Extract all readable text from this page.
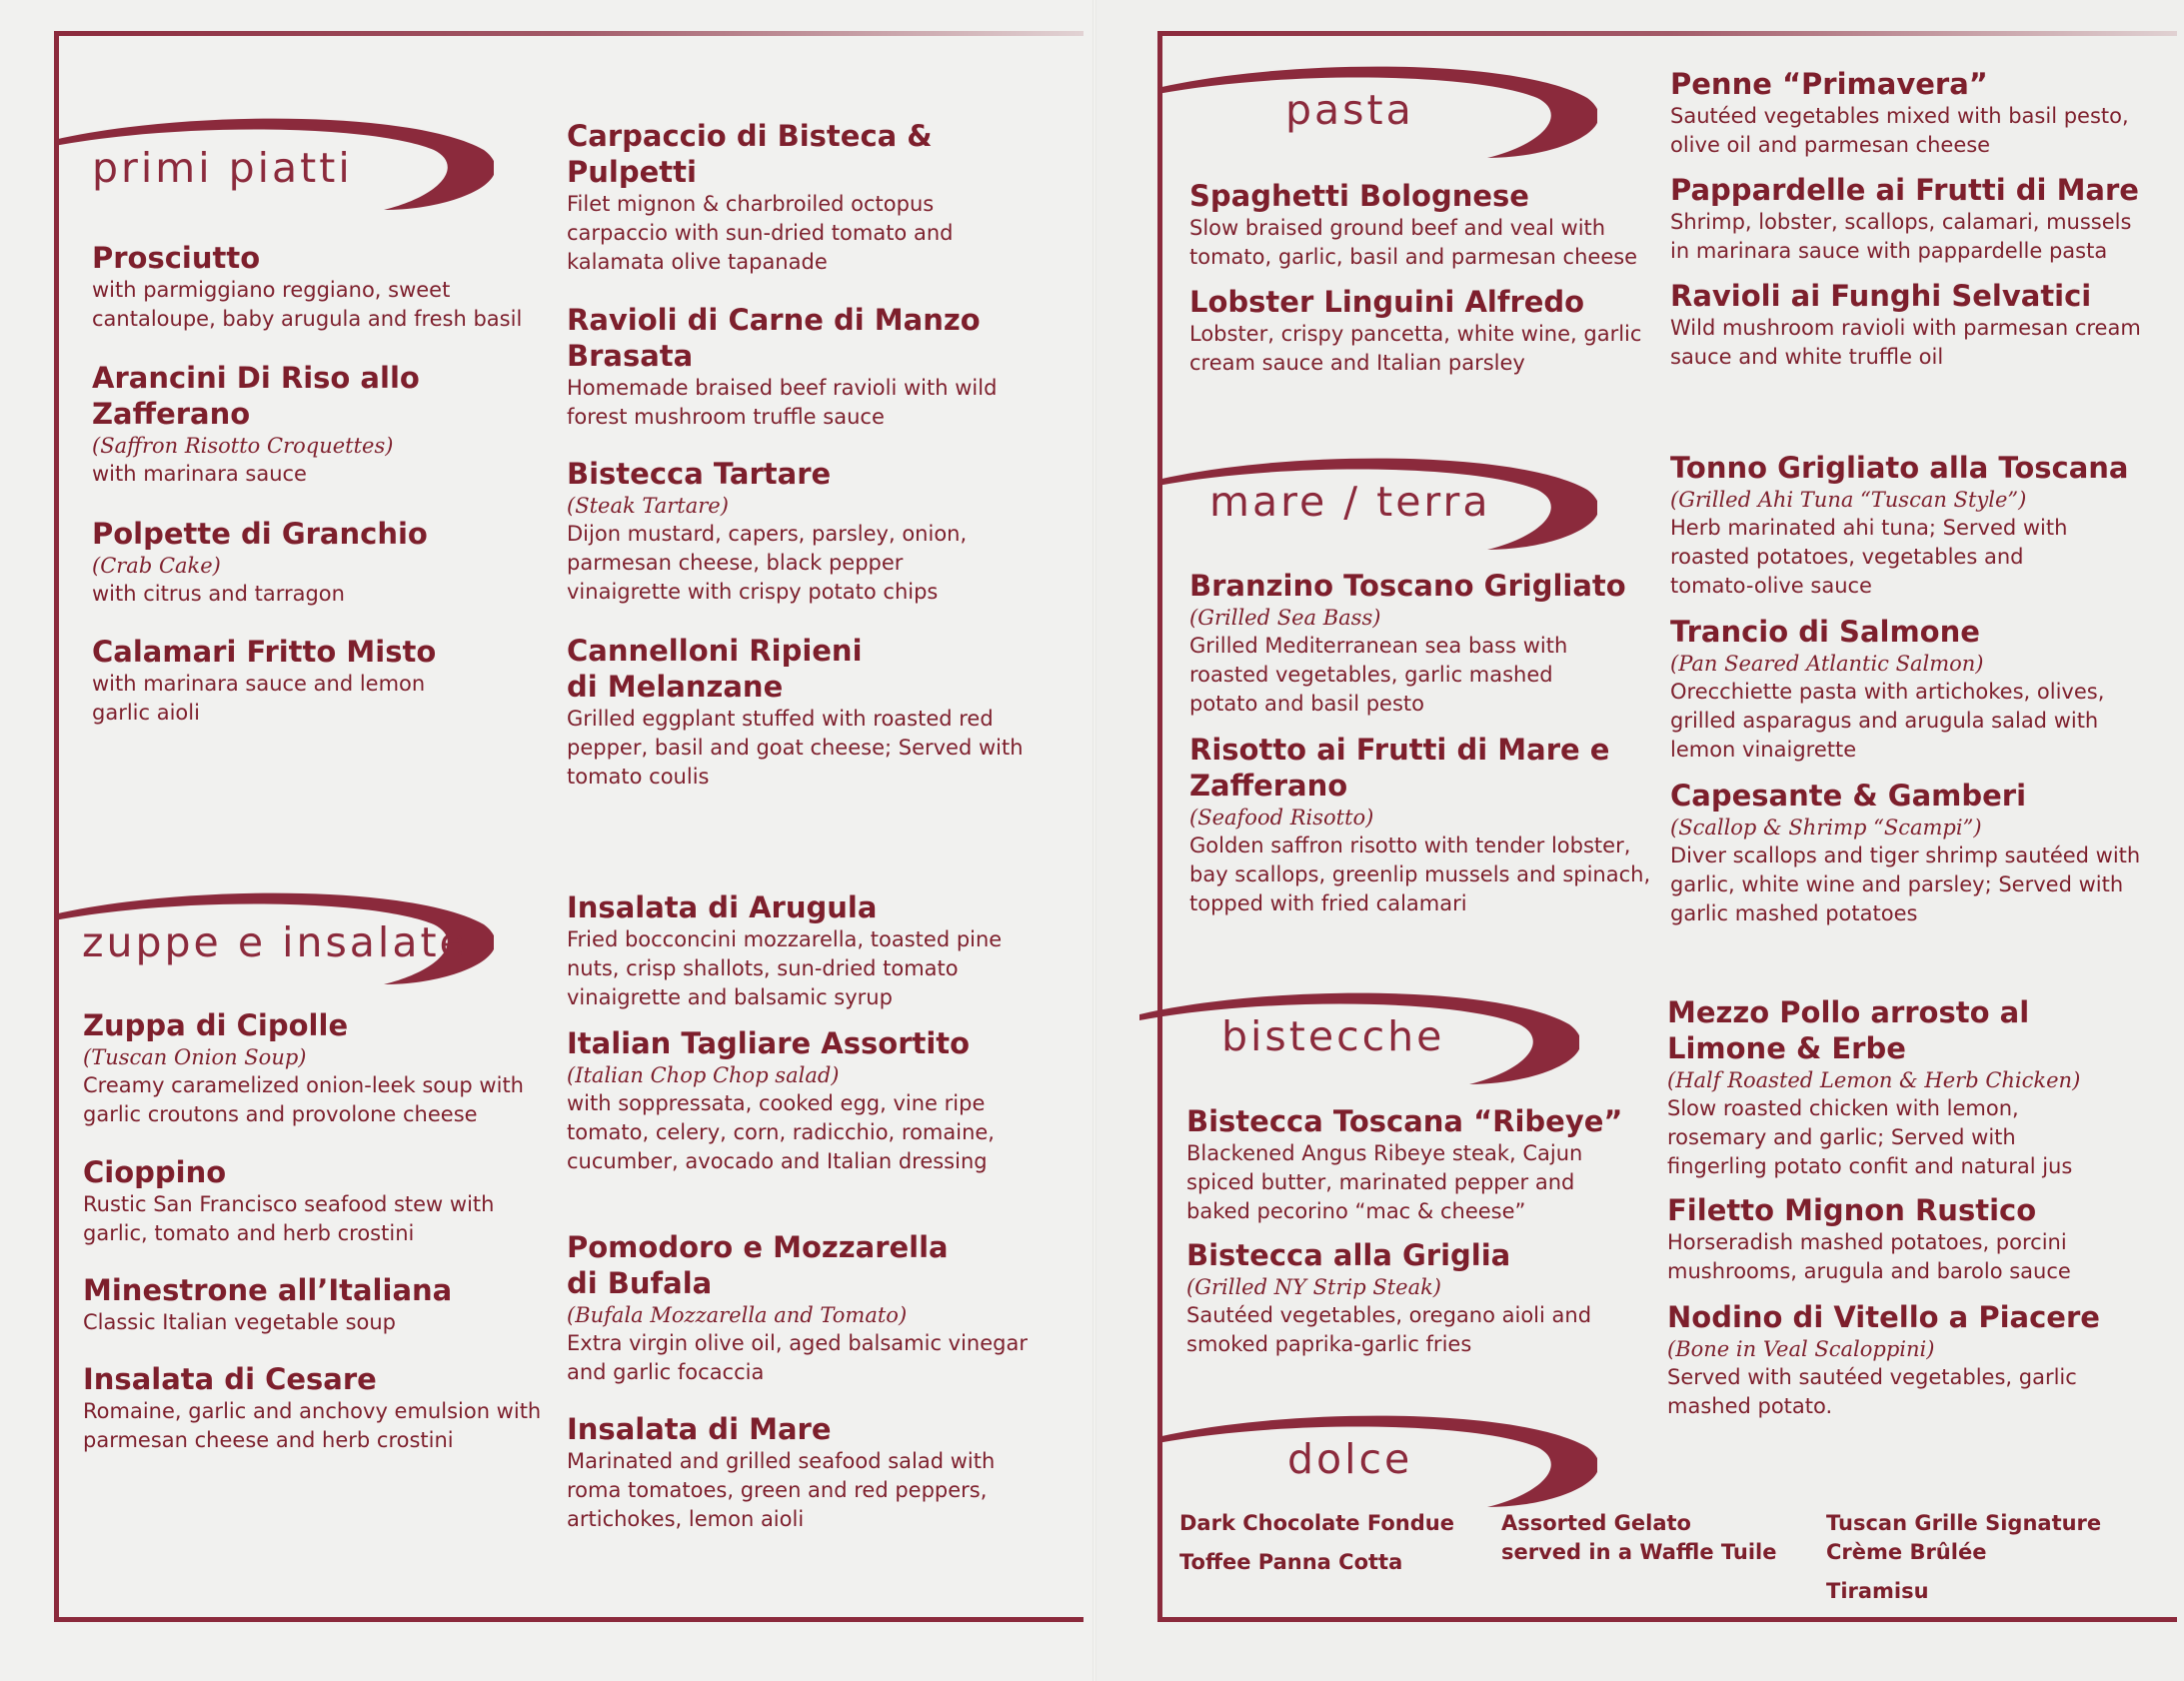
primi piatti
Prosciutto
with parmiggiano reggiano, sweet cantaloupe, baby arugula and fresh basil
Arancini Di Riso allo Zafferano
(Saffron Risotto Croquettes)
with marinara sauce
Polpette di Granchio
(Crab Cake)
with citrus and tarragon
Calamari Fritto Misto
with marinara sauce and lemon garlic aioli
Carpaccio di Bisteca & Pulpetti
Filet mignon & charbroiled octopus carpaccio with sun-dried tomato and kalamata olive tapanade
Ravioli di Carne di Manzo Brasata
Homemade braised beef ravioli with wild forest mushroom truffle sauce
Bistecca Tartare
(Steak Tartare)
Dijon mustard, capers, parsley, onion, parmesan cheese, black pepper vinaigrette with crispy potato chips
Cannelloni Ripieni di Melanzane
Grilled eggplant stuffed with roasted red pepper, basil and goat cheese; Served with tomato coulis
zuppe e insalate
Zuppa di Cipolle
(Tuscan Onion Soup)
Creamy caramelized onion-leek soup with garlic croutons and provolone cheese
Cioppino
Rustic San Francisco seafood stew with garlic, tomato and herb crostini
Minestrone all’Italiana
Classic Italian vegetable soup
Insalata di Cesare
Romaine, garlic and anchovy emulsion with parmesan cheese and herb crostini
Insalata di Arugula
Fried bocconcini mozzarella, toasted pine nuts, crisp shallots, sun-dried tomato vinaigrette and balsamic syrup
Italian Tagliare Assortito
(Italian Chop Chop salad)
with soppressata, cooked egg, vine ripe tomato, celery, corn, radicchio, romaine, cucumber, avocado and Italian dressing
Pomodoro e Mozzarella di Bufala
(Bufala Mozzarella and Tomato)
Extra virgin olive oil, aged balsamic vinegar and garlic focaccia
Insalata di Mare
Marinated and grilled seafood salad with roma tomatoes, green and red peppers, artichokes, lemon aioli
pasta
Spaghetti Bolognese
Slow braised ground beef and veal with tomato, garlic, basil and parmesan cheese
Lobster Linguini Alfredo
Lobster, crispy pancetta, white wine, garlic cream sauce and Italian parsley
Penne “Primavera”
Sautéed vegetables mixed with basil pesto, olive oil and parmesan cheese
Pappardelle ai Frutti di Mare
Shrimp, lobster, scallops, calamari, mussels in marinara sauce with pappardelle pasta
Ravioli ai Funghi Selvatici
Wild mushroom ravioli with parmesan cream sauce and white truffle oil
mare / terra
Branzino Toscano Grigliato
(Grilled Sea Bass)
Grilled Mediterranean sea bass with roasted vegetables, garlic mashed potato and basil pesto
Risotto ai Frutti di Mare e Zafferano
(Seafood Risotto)
Golden saffron risotto with tender lobster, bay scallops, greenlip mussels and spinach, topped with fried calamari
Tonno Grigliato alla Toscana
(Grilled Ahi Tuna “Tuscan Style”)
Herb marinated ahi tuna; Served with roasted potatoes, vegetables and tomato-olive sauce
Trancio di Salmone
(Pan Seared Atlantic Salmon)
Orecchiette pasta with artichokes, olives, grilled asparagus and arugula salad with lemon vinaigrette
Capesante & Gamberi
(Scallop & Shrimp “Scampi”)
Diver scallops and tiger shrimp sautéed with garlic, white wine and parsley; Served with garlic mashed potatoes
bistecche
Bistecca Toscana “Ribeye”
Blackened Angus Ribeye steak, Cajun spiced butter, marinated pepper and baked pecorino “mac & cheese”
Bistecca alla Griglia
(Grilled NY Strip Steak)
Sautéed vegetables, oregano aioli and smoked paprika-garlic fries
Mezzo Pollo arrosto al Limone & Erbe
(Half Roasted Lemon & Herb Chicken)
Slow roasted chicken with lemon, rosemary and garlic; Served with fingerling potato confit and natural jus
Filetto Mignon Rustico
Horseradish mashed potatoes, porcini mushrooms, arugula and barolo sauce
Nodino di Vitello a Piacere
(Bone in Veal Scaloppini)
Served with sautéed vegetables, garlic mashed potato.
dolce
Dark Chocolate Fondue
Toffee Panna Cotta
Assorted Gelato
served in a Waffle Tuile
Tuscan Grille Signature
Crème Brûlée
Tiramisu
